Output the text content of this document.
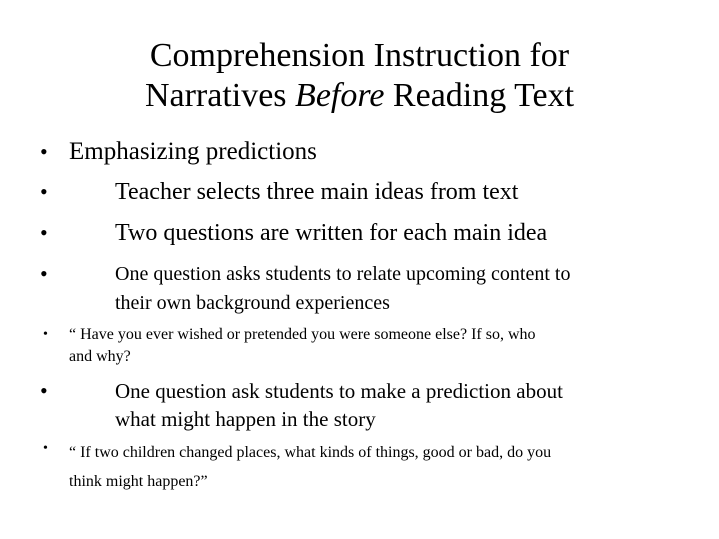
Comprehension Instruction for
Narratives Before Reading Text
• Emphasizing predictions
•	Teacher selects three main ideas from text
•	Two questions are written for each main idea
•	One question asks students to relate upcoming content to
their own background experiences
• “ Have you ever wished or pretended you were someone else? If so, who
and why?
•	One question ask students to make a prediction about
what might happen in the story
• “ If two children changed places, what kinds of things, good or bad, do you
think might happen?”
